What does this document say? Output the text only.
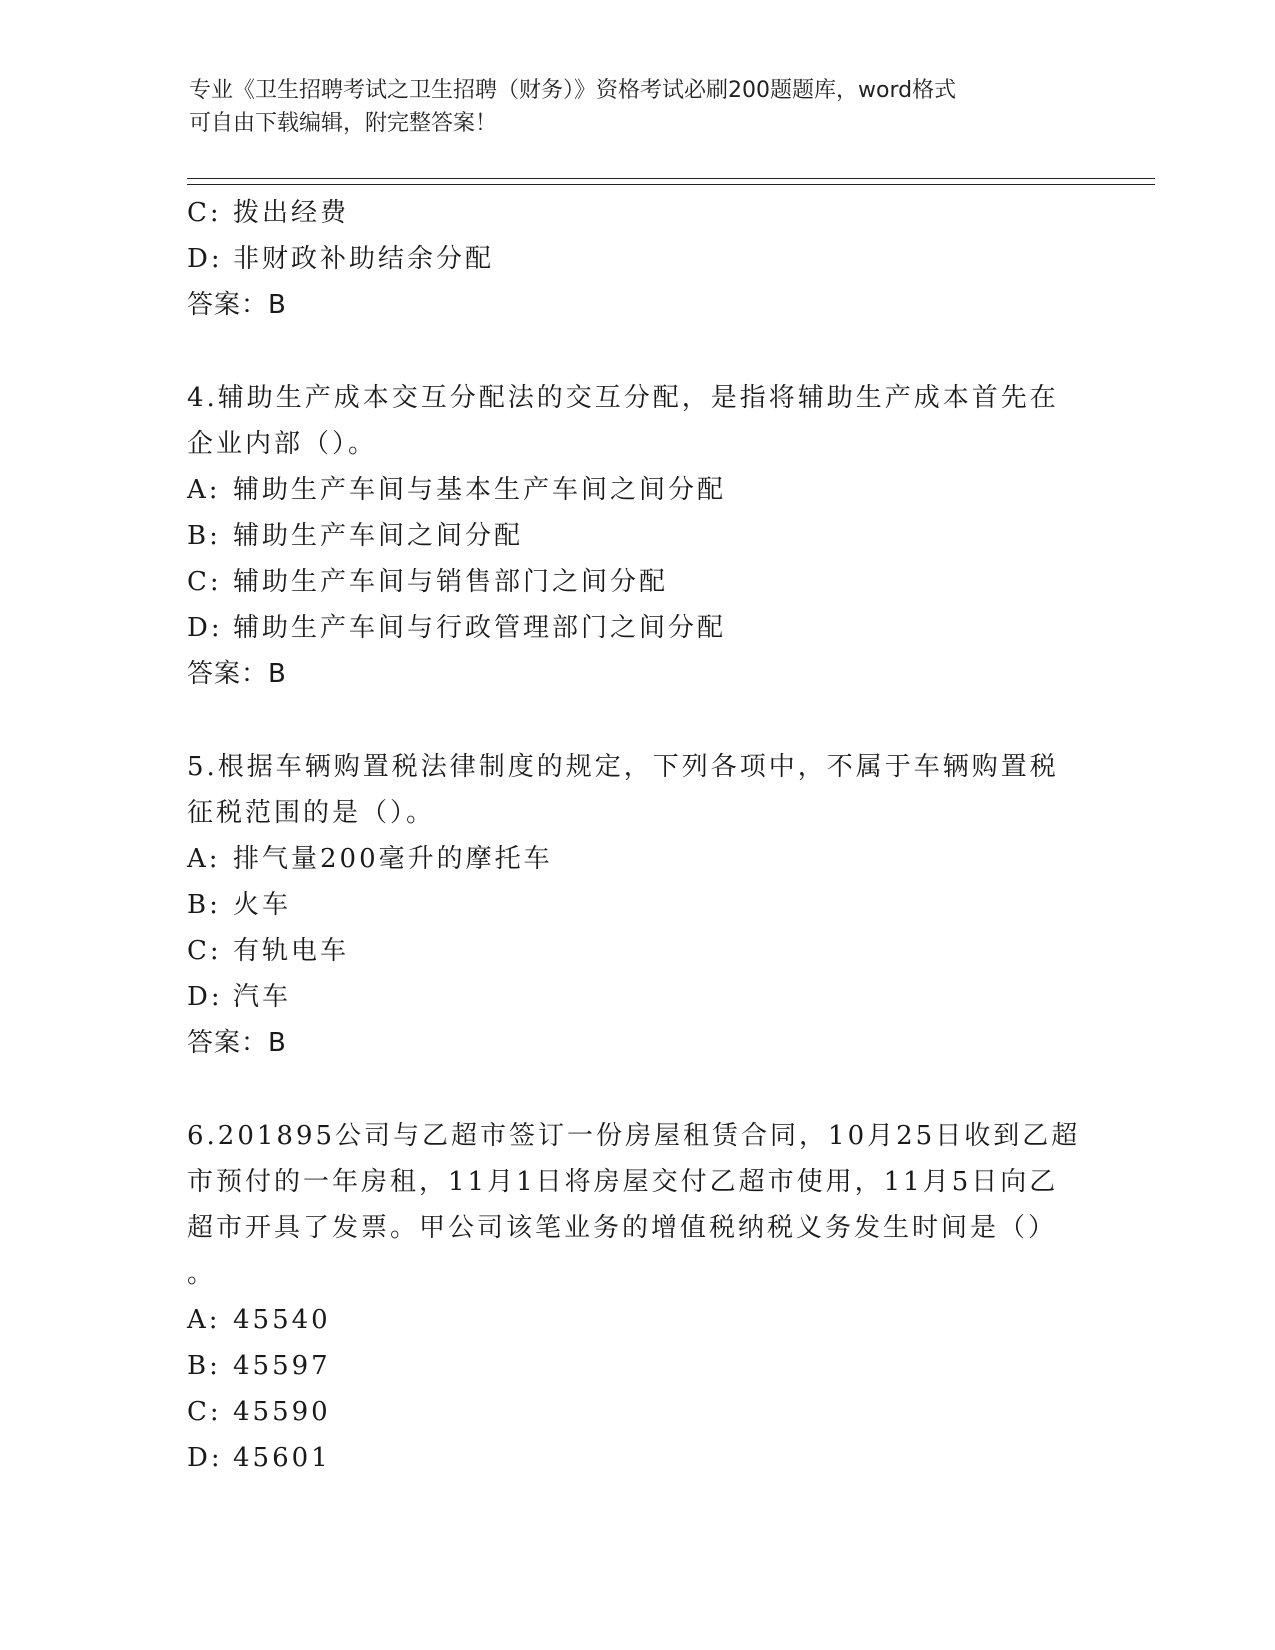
专业《卫生招聘考试之卫生招聘（财务）》资格考试必刷200题题库，word格式
可自由下载编辑，附完整答案！
C: 拨出经费
D: 非财政补助结余分配
答案：B
4.辅助生产成本交互分配法的交互分配，是指将辅助生产成本首先在
企业内部（）。
A: 辅助生产车间与基本生产车间之间分配
B: 辅助生产车间之间分配
C: 辅助生产车间与销售部门之间分配
D: 辅助生产车间与行政管理部门之间分配
答案：B
5.根据车辆购置税法律制度的规定，下列各项中，不属于车辆购置税
征税范围的是（）。
A: 排气量200毫升的摩托车
B: 火车
C: 有轨电车
D: 汽车
答案：B
6.201895公司与乙超市签订一份房屋租赁合同，10月25日收到乙超
市预付的一年房租，11月1日将房屋交付乙超市使用，11月5日向乙
超市开具了发票。甲公司该笔业务的增值税纳税义务发生时间是（）
。
A: 45540
B: 45597
C: 45590
D: 45601
